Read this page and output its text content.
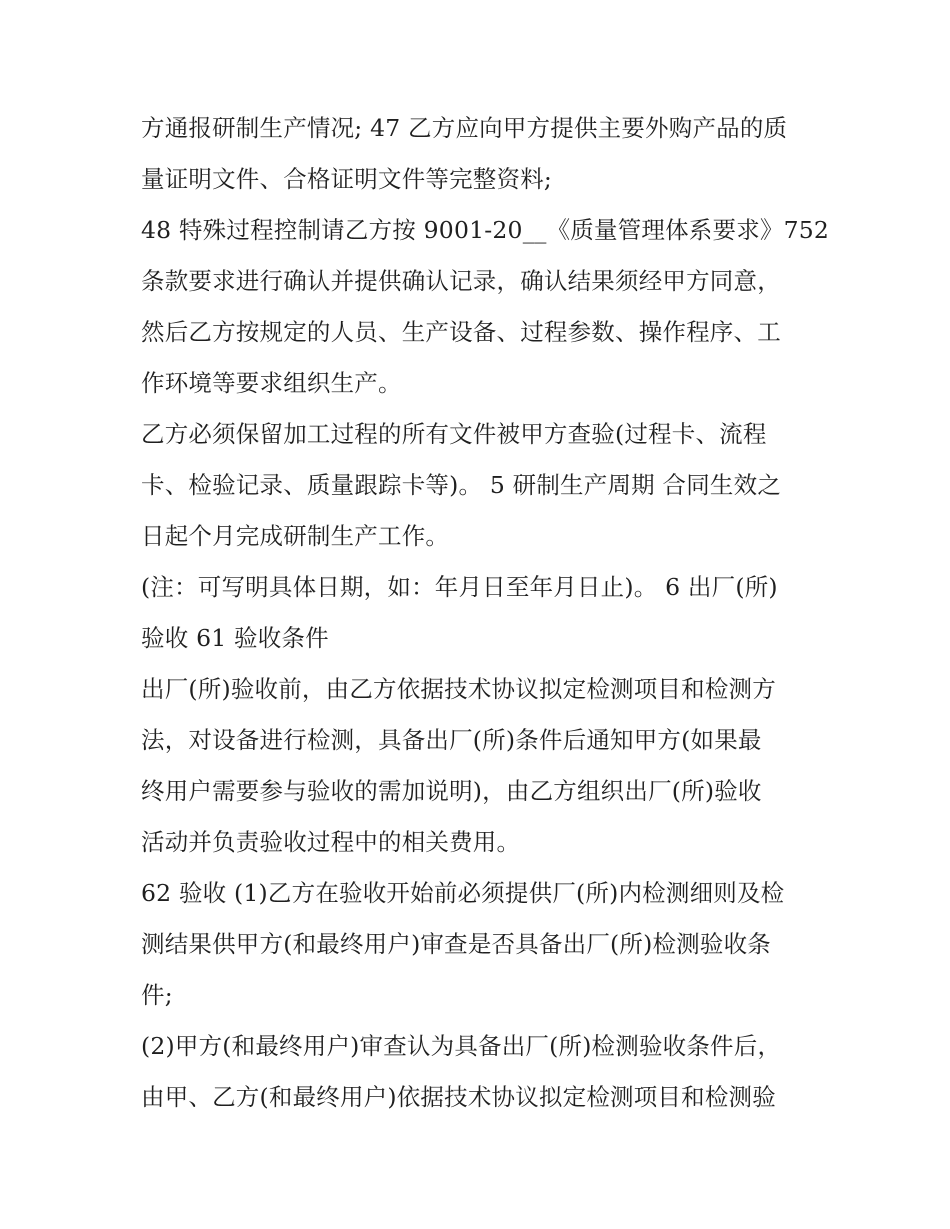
方通报研制生产情况; 47 乙方应向甲方提供主要外购产品的质
量证明文件、合格证明文件等完整资料;
48 特殊过程控制请乙方按 9001-20__《质量管理体系要求》752
条款要求进行确认并提供确认记录，确认结果须经甲方同意，
然后乙方按规定的人员、生产设备、过程参数、操作程序、工
作环境等要求组织生产。
乙方必须保留加工过程的所有文件被甲方查验(过程卡、流程
卡、检验记录、质量跟踪卡等)。 5 研制生产周期 合同生效之
日起个月完成研制生产工作。
(注：可写明具体日期，如：年月日至年月日止)。 6 出厂(所)
验收 61 验收条件
出厂(所)验收前，由乙方依据技术协议拟定检测项目和检测方
法，对设备进行检测，具备出厂(所)条件后通知甲方(如果最
终用户需要参与验收的需加说明)，由乙方组织出厂(所)验收
活动并负责验收过程中的相关费用。
62 验收 (1)乙方在验收开始前必须提供厂(所)内检测细则及检
测结果供甲方(和最终用户)审查是否具备出厂(所)检测验收条
件;
(2)甲方(和最终用户)审查认为具备出厂(所)检测验收条件后，
由甲、乙方(和最终用户)依据技术协议拟定检测项目和检测验
